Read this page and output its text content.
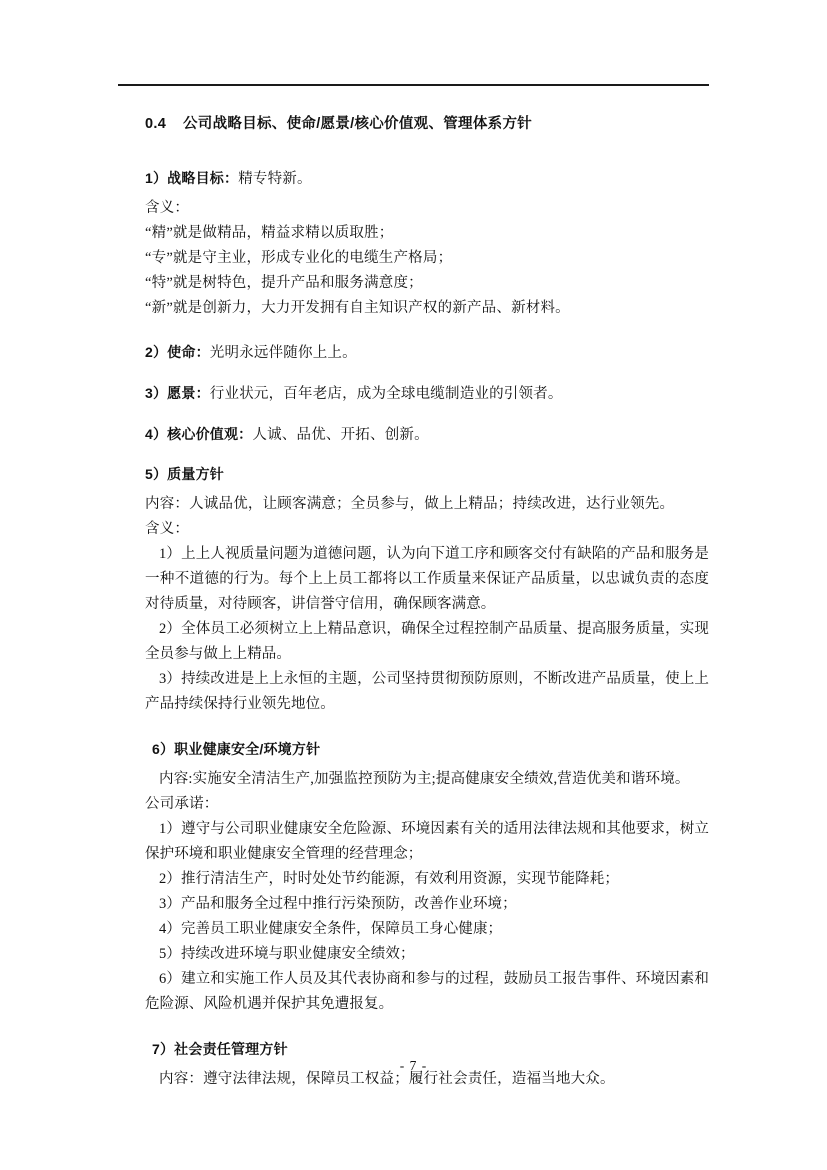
0.4 公司战略目标、使命/愿景/核心价值观、管理体系方针
1）战略目标：精专特新。
含义：
“精”就是做精品，精益求精以质取胜；
“专”就是守主业，形成专业化的电缆生产格局；
“特”就是树特色，提升产品和服务满意度；
“新”就是创新力，大力开发拥有自主知识产权的新产品、新材料。
2）使命：光明永远伴随你上上。
3）愿景：行业状元，百年老店，成为全球电缆制造业的引领者。
4）核心价值观：人诚、品优、开拓、创新。
5）质量方针
内容：人诚品优，让顾客满意；全员参与，做上上精品；持续改进，达行业领先。
含义：
1）上上人视质量问题为道德问题，认为向下道工序和顾客交付有缺陷的产品和服务是一种不道德的行为。每个上上员工都将以工作质量来保证产品质量，以忠诚负责的态度对待质量，对待顾客，讲信誉守信用，确保顾客满意。
2）全体员工必须树立上上精品意识，确保全过程控制产品质量、提高服务质量，实现全员参与做上上精品。
3）持续改进是上上永恒的主题，公司坚持贯彻预防原则，不断改进产品质量，使上上产品持续保持行业领先地位。
6）职业健康安全/环境方针
内容:实施安全清洁生产,加强监控预防为主;提高健康安全绩效,营造优美和谐环境。
公司承诺：
1）遵守与公司职业健康安全危险源、环境因素有关的适用法律法规和其他要求，树立保护环境和职业健康安全管理的经营理念；
2）推行清洁生产，时时处处节约能源，有效利用资源，实现节能降耗；
3）产品和服务全过程中推行污染预防，改善作业环境；
4）完善员工职业健康安全条件，保障员工身心健康；
5）持续改进环境与职业健康安全绩效；
6）建立和实施工作人员及其代表协商和参与的过程，鼓励员工报告事件、环境因素和危险源、风险机遇并保护其免遭报复。
7）社会责任管理方针
内容：遵守法律法规，保障员工权益；履行社会责任，造福当地大众。
- 7 -
